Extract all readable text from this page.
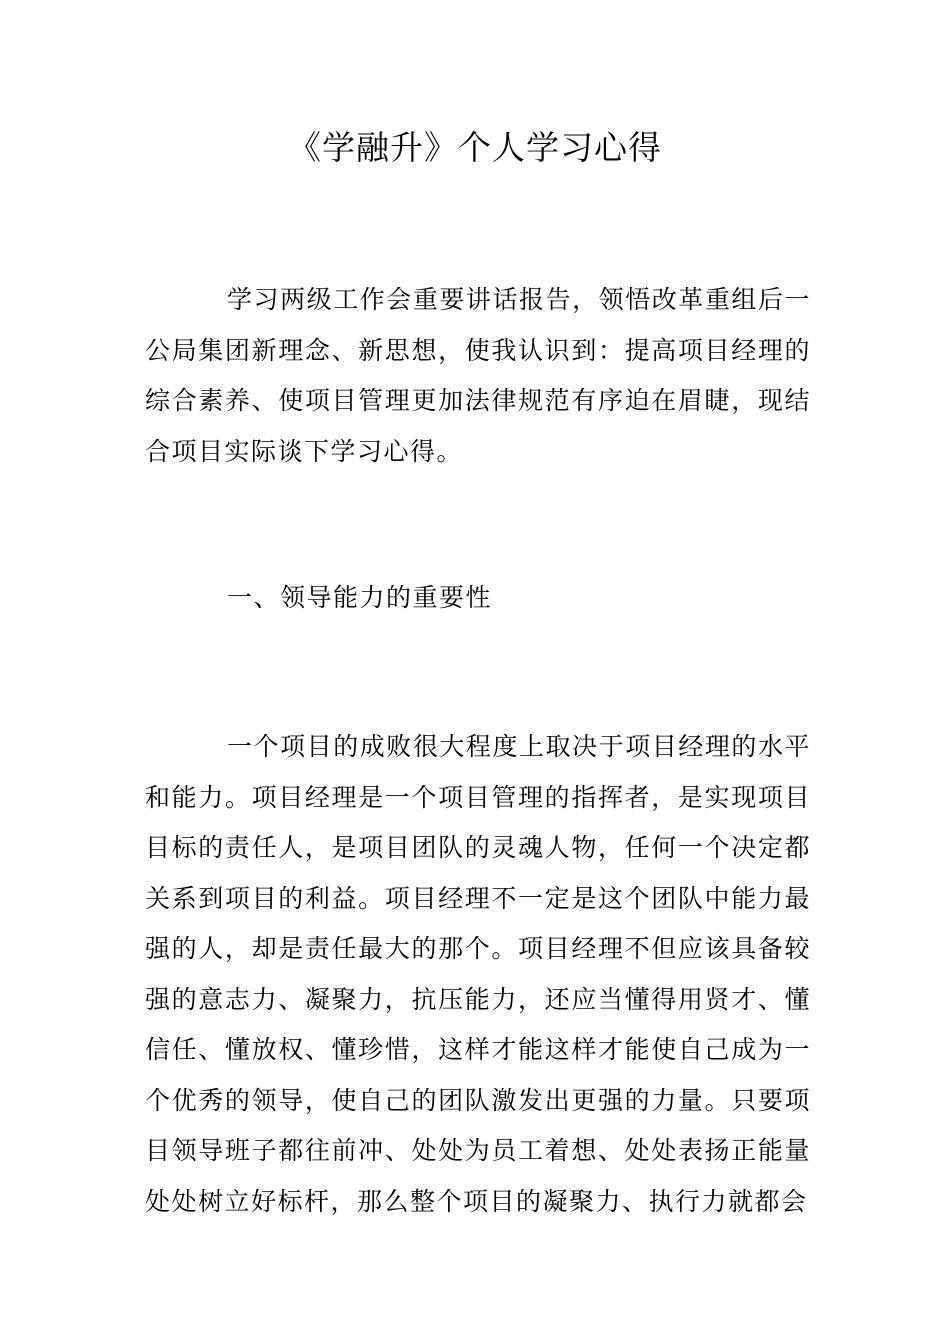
《学融升》个人学习心得

学习两级工作会重要讲话报告，领悟改革重组后一公局集团新理念、新思想，使我认识到：提高项目经理的综合素养、使项目管理更加法律规范有序迫在眉睫，现结合项目实际谈下学习心得。

一、领导能力的重要性

一个项目的成败很大程度上取决于项目经理的水平和能力。项目经理是一个项目管理的指挥者，是实现项目目标的责任人，是项目团队的灵魂人物，任何一个决定都关系到项目的利益。项目经理不一定是这个团队中能力最强的人，却是责任最大的那个。项目经理不但应该具备较强的意志力、凝聚力，抗压能力，还应当懂得用贤才、懂信任、懂放权、懂珍惜，这样才能这样才能使自己成为一个优秀的领导，使自己的团队激发出更强的力量。只要项目领导班子都往前冲、处处为员工着想、处处表扬正能量处处树立好标杆，那么整个项目的凝聚力、执行力就都会
